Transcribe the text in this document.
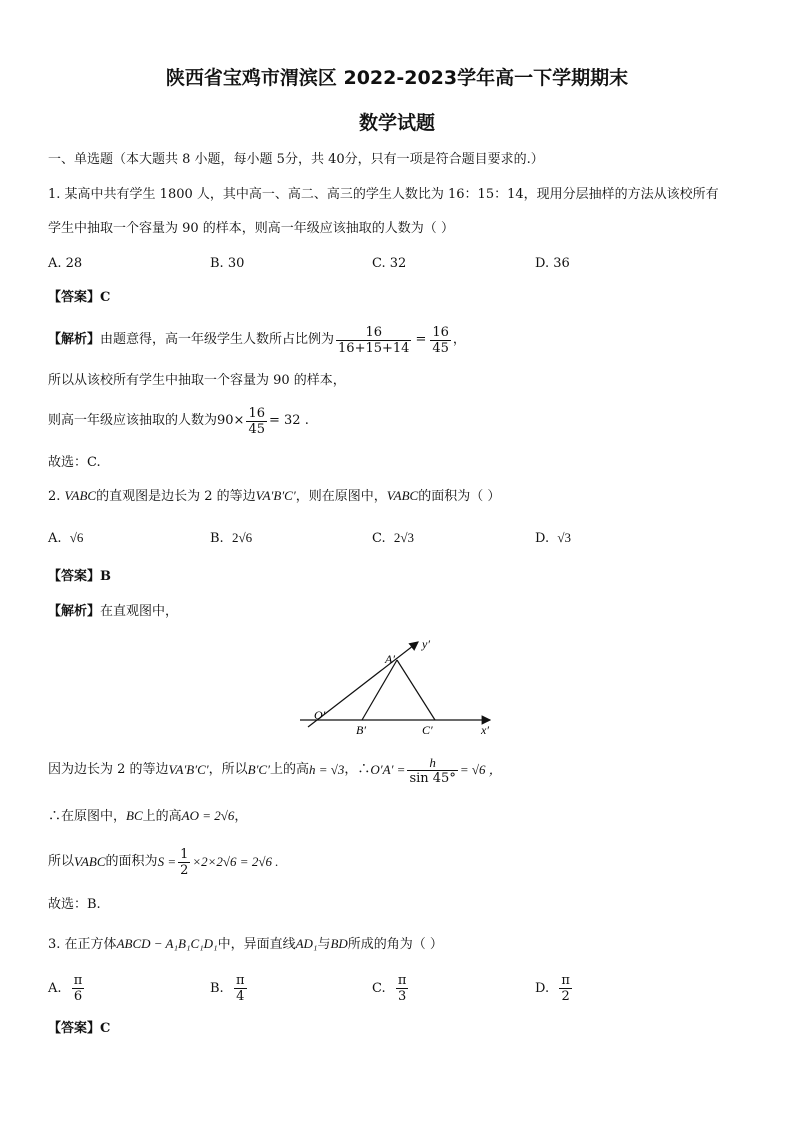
陕西省宝鸡市渭滨区 2022-2023学年高一下学期期末
数学试题
一、单选题（本大题共 8 小题，每小题 5分，共 40分，只有一项是符合题目要求的.）
1. 某高中共有学生 1800 人，其中高一、高二、高三的学生人数比为 16：15：14，现用分层抽样的方法从该校所有
学生中抽取一个容量为 90 的样本，则高一年级应该抽取的人数为（ ）
A. 28	B. 30	C. 32	D. 36
【答案】C
【解析】 由题意得，高一年级学生人数所占比例为 $\frac{16}{16+15+14} = \frac{16}{45}$ ，
所以从该校所有学生中抽取一个容量为 90 的样本，
则高一年级应该抽取的人数为 $90\times \frac{16}{45} = 32$ .
故选：C.
2. VABC的直观图是边长为 2 的等边VA′B′C′，则在原图中，VABC的面积为（ ）
A. √6	B. 2√6	C. 2√3	D. √3
【答案】B
【解析】在直观图中，
A′
B′	C′
O′
x′
y′
因为边长为 2 的等边 VA′B′C′ ，所以 B′C′ 上的高 h = √3 ，∴ $O'A' = \frac{h}{\sin 45^\circ} = √6$ ，
∴在原图中，BC上的高AO = 2√6，
所以 VABC 的面积为 $S = \frac{1}{2} \times 2\times 2√6 = 2√6$ .
故选：B.
3. 在正方体ABCD − A₁B₁C₁D₁中，异面直线AD₁与BD所成的角为（ ）
A.
$\frac{\pi}{6}$	B.
$\frac{\pi}{4}$	C.
$\frac{\pi}{3}$	D.
$\frac{\pi}{2}$
【答案】C
